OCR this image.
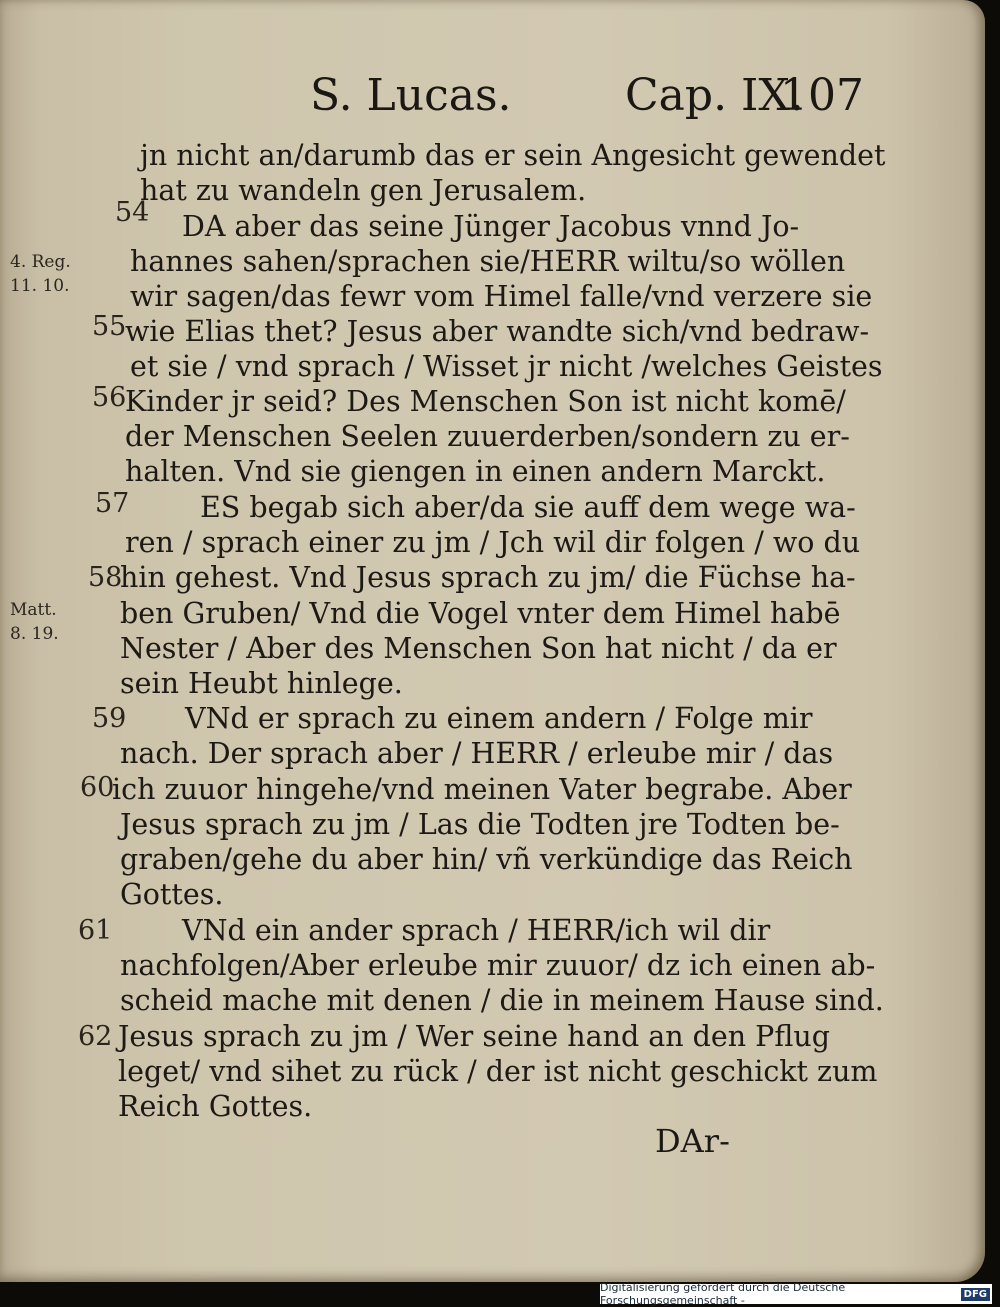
S. Lucas.	Cap. IX.
107
4. Reg.
11. 10.
Matt.
8. 19.
54
55
56
57
58
59
60
61
62
jn nicht an/darumb das er sein Angesicht gewendet
hat zu wandeln gen Jerusalem.
DA aber das seine Jünger Jacobus vnnd Jo-
hannes sahen/sprachen sie/HERR wiltu/so wöllen
wir sagen/das fewr vom Himel falle/vnd verzere sie
wie Elias thet? Jesus aber wandte sich/vnd bedraw-
et sie / vnd sprach / Wisset jr nicht /welches Geistes
Kinder jr seid? Des Menschen Son ist nicht komē/
der Menschen Seelen zuuerderben/sondern zu er-
halten. Vnd sie giengen in einen andern Marckt.
ES begab sich aber/da sie auff dem wege wa-
ren / sprach einer zu jm / Jch wil dir folgen / wo du
hin gehest. Vnd Jesus sprach zu jm/ die Füchse ha-
ben Gruben/ Vnd die Vogel vnter dem Himel habē
Nester / Aber des Menschen Son hat nicht / da er
sein Heubt hinlege.
VNd er sprach zu einem andern / Folge mir
nach. Der sprach aber / HERR / erleube mir / das
ich zuuor hingehe/vnd meinen Vater begrabe. Aber
Jesus sprach zu jm / Las die Todten jre Todten be-
graben/gehe du aber hin/ vñ verkündige das Reich
Gottes.
VNd ein ander sprach / HERR/ich wil dir
nachfolgen/Aber erleube mir zuuor/ dz ich einen ab-
scheid mache mit denen / die in meinem Hause sind.
Jesus sprach zu jm / Wer seine hand an den Pflug
leget/ vnd sihet zu rück / der ist nicht geschickt zum
Reich Gottes.
DAr-
Digitalisierung gefördert durch die Deutsche Forschungsgemeinschaft -	DFG
